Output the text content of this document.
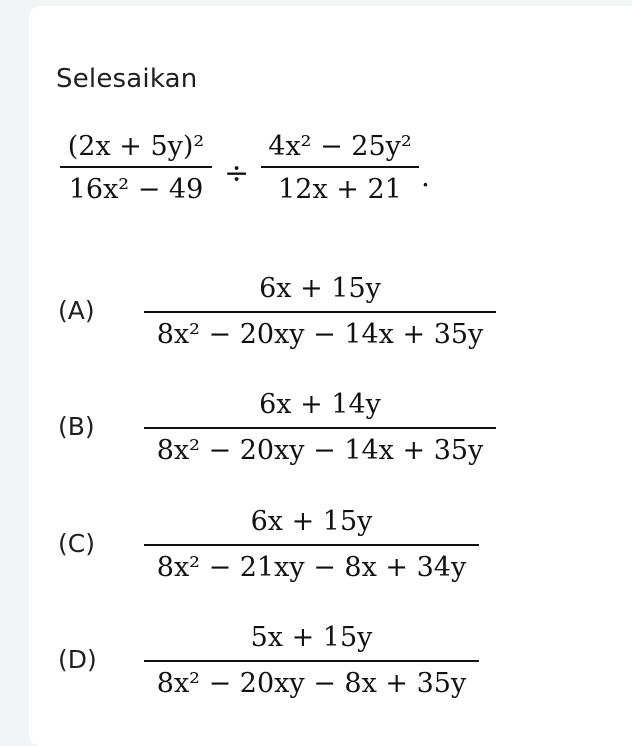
Selesaikan
(2x + 5y)²
16x² − 49 ÷
4x² − 25y²
12x + 21 .
(A)
6x + 15y
8x² − 20xy − 14x + 35y
(B)
6x + 14y
8x² − 20xy − 14x + 35y
(C)
6x + 15y
8x² − 21xy − 8x + 34y
(D)
5x + 15y
8x² − 20xy − 8x + 35y
